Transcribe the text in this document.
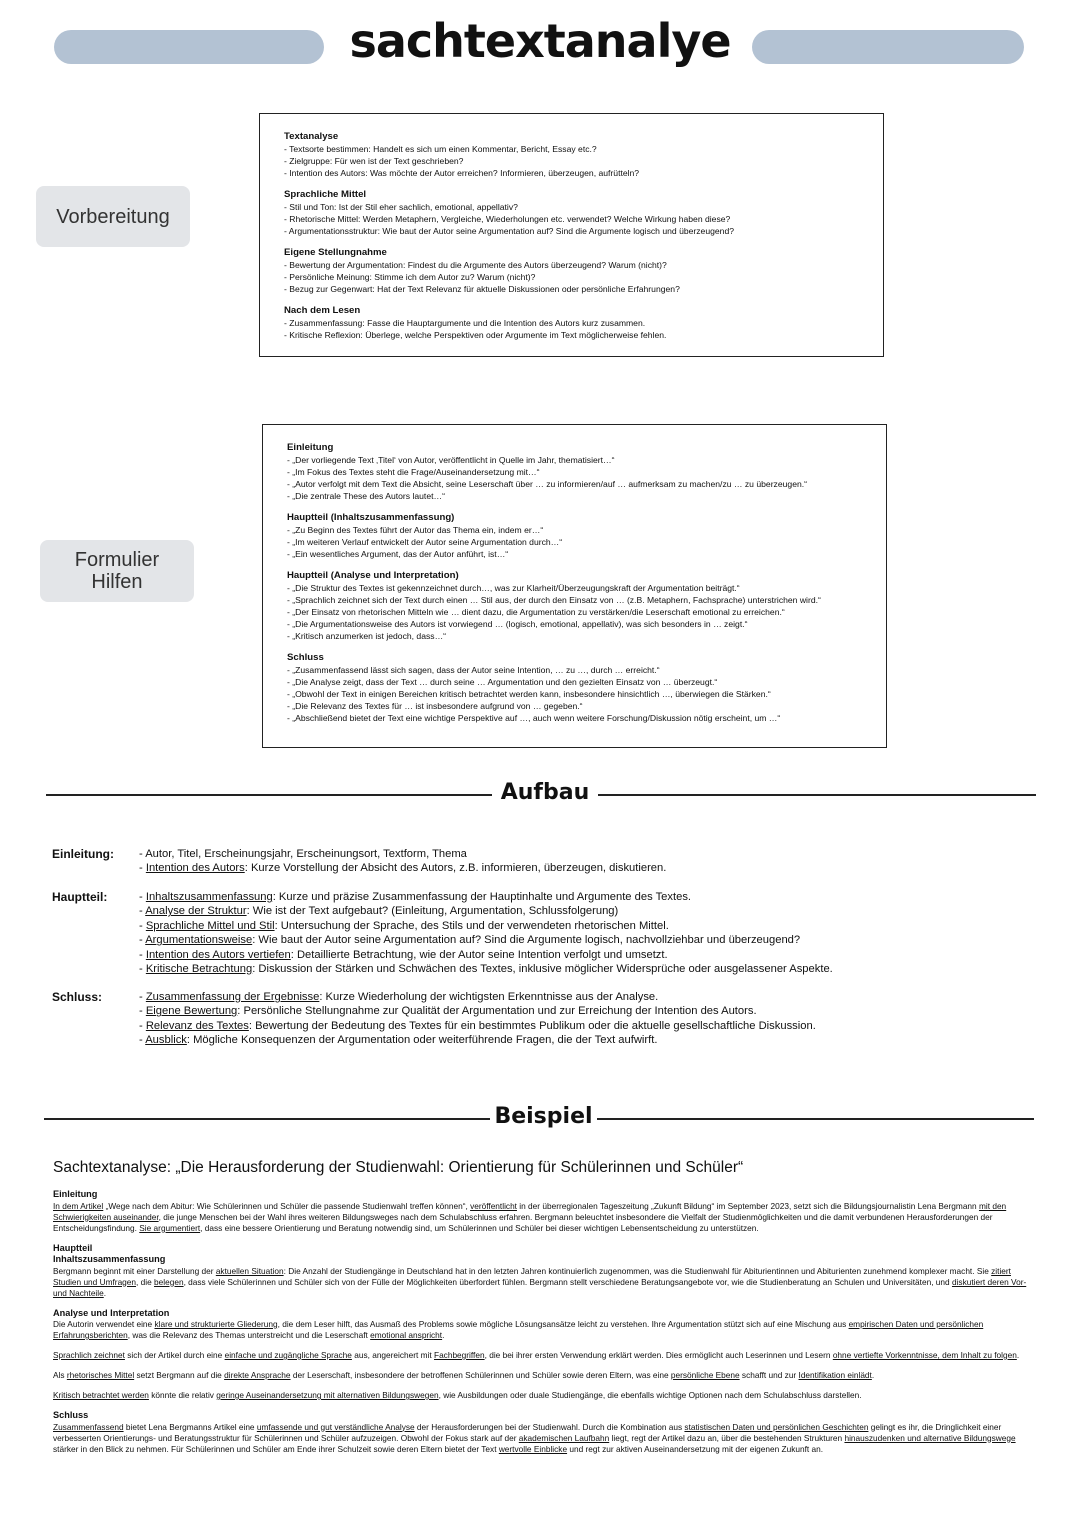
sachtextanalye
Vorbereitung
Textanalyse
- Textsorte bestimmen: Handelt es sich um einen Kommentar, Bericht, Essay etc.?
- Zielgruppe: Für wen ist der Text geschrieben?
- Intention des Autors: Was möchte der Autor erreichen? Informieren, überzeugen, aufrütteln?
Sprachliche Mittel
- Stil und Ton: Ist der Stil eher sachlich, emotional, appellativ?
- Rhetorische Mittel: Werden Metaphern, Vergleiche, Wiederholungen etc. verwendet? Welche Wirkung haben diese?
- Argumentationsstruktur: Wie baut der Autor seine Argumentation auf? Sind die Argumente logisch und überzeugend?
Eigene Stellungnahme
- Bewertung der Argumentation: Findest du die Argumente des Autors überzeugend? Warum (nicht)?
- Persönliche Meinung: Stimme ich dem Autor zu? Warum (nicht)?
- Bezug zur Gegenwart: Hat der Text Relevanz für aktuelle Diskussionen oder persönliche Erfahrungen?
Nach dem Lesen
- Zusammenfassung: Fasse die Hauptargumente und die Intention des Autors kurz zusammen.
- Kritische Reflexion: Überlege, welche Perspektiven oder Argumente im Text möglicherweise fehlen.
Formulier
Hilfen
Einleitung
- „Der vorliegende Text ‚Titel‘ von Autor, veröffentlicht in Quelle im Jahr, thematisiert…“
- „Im Fokus des Textes steht die Frage/Auseinandersetzung mit…“
- „Autor verfolgt mit dem Text die Absicht, seine Leserschaft über … zu informieren/auf … aufmerksam zu machen/zu … zu überzeugen.“
- „Die zentrale These des Autors lautet…“
Hauptteil (Inhaltszusammenfassung)
- „Zu Beginn des Textes führt der Autor das Thema ein, indem er…“
- „Im weiteren Verlauf entwickelt der Autor seine Argumentation durch…“
- „Ein wesentliches Argument, das der Autor anführt, ist…“
Hauptteil (Analyse und Interpretation)
- „Die Struktur des Textes ist gekennzeichnet durch…, was zur Klarheit/Überzeugungskraft der Argumentation beiträgt.“
- „Sprachlich zeichnet sich der Text durch einen … Stil aus, der durch den Einsatz von … (z.B. Metaphern, Fachsprache) unterstrichen wird.“
- „Der Einsatz von rhetorischen Mitteln wie … dient dazu, die Argumentation zu verstärken/die Leserschaft emotional zu erreichen.“
- „Die Argumentationsweise des Autors ist vorwiegend … (logisch, emotional, appellativ), was sich besonders in … zeigt.“
- „Kritisch anzumerken ist jedoch, dass…“
Schluss
- „Zusammenfassend lässt sich sagen, dass der Autor seine Intention, … zu …, durch … erreicht.“
- „Die Analyse zeigt, dass der Text … durch seine … Argumentation und den gezielten Einsatz von … überzeugt.“
- „Obwohl der Text in einigen Bereichen kritisch betrachtet werden kann, insbesondere hinsichtlich …, überwiegen die Stärken.“
- „Die Relevanz des Textes für … ist insbesondere aufgrund von … gegeben.“
- „Abschließend bietet der Text eine wichtige Perspektive auf …, auch wenn weitere Forschung/Diskussion nötig erscheint, um …“
Aufbau
Einleitung:	- Autor, Titel, Erscheinungsjahr, Erscheinungsort, Textform, Thema
- Intention des Autors: Kurze Vorstellung der Absicht des Autors, z.B. informieren, überzeugen, diskutieren.
Hauptteil:	- Inhaltszusammenfassung: Kurze und präzise Zusammenfassung der Hauptinhalte und Argumente des Textes.
- Analyse der Struktur: Wie ist der Text aufgebaut? (Einleitung, Argumentation, Schlussfolgerung)
- Sprachliche Mittel und Stil: Untersuchung der Sprache, des Stils und der verwendeten rhetorischen Mittel.
- Argumentationsweise: Wie baut der Autor seine Argumentation auf? Sind die Argumente logisch, nachvollziehbar und überzeugend?
- Intention des Autors vertiefen: Detaillierte Betrachtung, wie der Autor seine Intention verfolgt und umsetzt.
- Kritische Betrachtung: Diskussion der Stärken und Schwächen des Textes, inklusive möglicher Widersprüche oder ausgelassener Aspekte.
Schluss:	- Zusammenfassung der Ergebnisse: Kurze Wiederholung der wichtigsten Erkenntnisse aus der Analyse.
- Eigene Bewertung: Persönliche Stellungnahme zur Qualität der Argumentation und zur Erreichung der Intention des Autors.
- Relevanz des Textes: Bewertung der Bedeutung des Textes für ein bestimmtes Publikum oder die aktuelle gesellschaftliche Diskussion.
- Ausblick: Mögliche Konsequenzen der Argumentation oder weiterführende Fragen, die der Text aufwirft.
Beispiel
Sachtextanalyse: „Die Herausforderung der Studienwahl: Orientierung für Schülerinnen und Schüler“
Einleitung

In dem Artikel „Wege nach dem Abitur: Wie Schülerinnen und Schüler die passende Studienwahl treffen können“, veröffentlicht in der überregionalen Tageszeitung „Zukunft Bildung“ im September 2023, setzt sich die Bildungsjournalistin Lena Bergmann mit den Schwierigkeiten auseinander, die junge Menschen bei der Wahl ihres weiteren Bildungsweges nach dem Schulabschluss erfahren. Bergmann beleuchtet insbesondere die Vielfalt der Studienmöglichkeiten und die damit verbundenen Herausforderungen der Entscheidungsfindung. Sie argumentiert, dass eine bessere Orientierung und Beratung notwendig sind, um Schülerinnen und Schüler bei dieser wichtigen Lebensentscheidung zu unterstützen.

Hauptteil
Inhaltszusammenfassung

Bergmann beginnt mit einer Darstellung der aktuellen Situation: Die Anzahl der Studiengänge in Deutschland hat in den letzten Jahren kontinuierlich zugenommen, was die Studienwahl für Abiturientinnen und Abiturienten zunehmend komplexer macht. Sie zitiert Studien und Umfragen, die belegen, dass viele Schülerinnen und Schüler sich von der Fülle der Möglichkeiten überfordert fühlen. Bergmann stellt verschiedene Beratungsangebote vor, wie die Studienberatung an Schulen und Universitäten, und diskutiert deren Vor- und Nachteile.

Analyse und Interpretation

Die Autorin verwendet eine klare und strukturierte Gliederung, die dem Leser hilft, das Ausmaß des Problems sowie mögliche Lösungsansätze leicht zu verstehen. Ihre Argumentation stützt sich auf eine Mischung aus empirischen Daten und persönlichen Erfahrungsberichten, was die Relevanz des Themas unterstreicht und die Leserschaft emotional anspricht.

Sprachlich zeichnet sich der Artikel durch eine einfache und zugängliche Sprache aus, angereichert mit Fachbegriffen, die bei ihrer ersten Verwendung erklärt werden. Dies ermöglicht auch Leserinnen und Lesern ohne vertiefte Vorkenntnisse, dem Inhalt zu folgen.

Als rhetorisches Mittel setzt Bergmann auf die direkte Ansprache der Leserschaft, insbesondere der betroffenen Schülerinnen und Schüler sowie deren Eltern, was eine persönliche Ebene schafft und zur Identifikation einlädt.

Kritisch betrachtet werden könnte die relativ geringe Auseinandersetzung mit alternativen Bildungswegen, wie Ausbildungen oder duale Studiengänge, die ebenfalls wichtige Optionen nach dem Schulabschluss darstellen.

Schluss

Zusammenfassend bietet Lena Bergmanns Artikel eine umfassende und gut verständliche Analyse der Herausforderungen bei der Studienwahl. Durch die Kombination aus statistischen Daten und persönlichen Geschichten gelingt es ihr, die Dringlichkeit einer verbesserten Orientierungs- und Beratungsstruktur für Schülerinnen und Schüler aufzuzeigen. Obwohl der Fokus stark auf der akademischen Laufbahn liegt, regt der Artikel dazu an, über die bestehenden Strukturen hinauszudenken und alternative Bildungswege stärker in den Blick zu nehmen. Für Schülerinnen und Schüler am Ende ihrer Schulzeit sowie deren Eltern bietet der Text wertvolle Einblicke und regt zur aktiven Auseinandersetzung mit der eigenen Zukunft an.
